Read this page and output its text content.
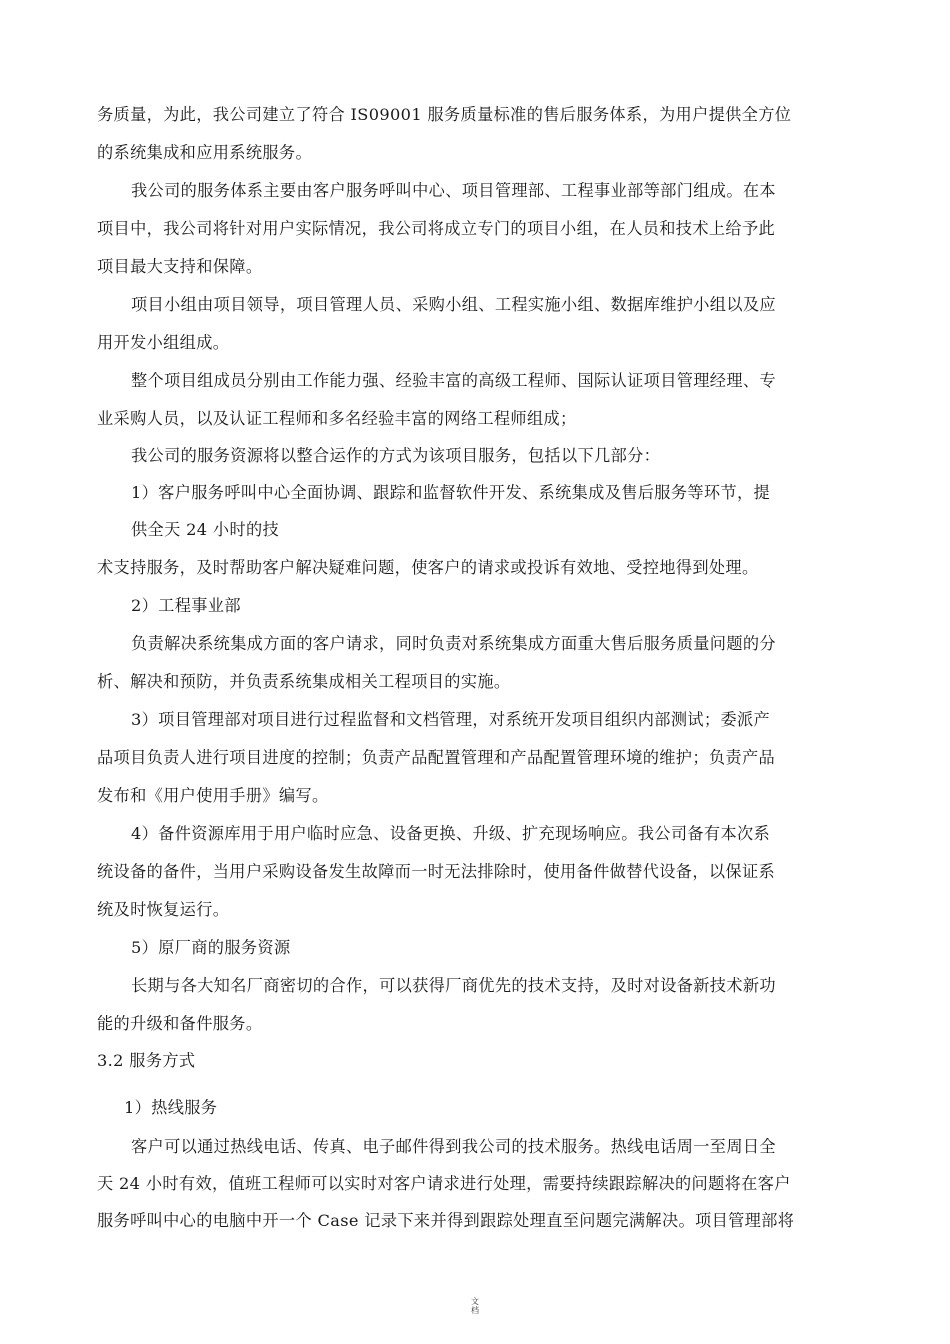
务质量，为此，我公司建立了符合 IS09001 服务质量标准的售后服务体系，为用户提供全方位
的系统集成和应用系统服务。
我公司的服务体系主要由客户服务呼叫中心、项目管理部、工程事业部等部门组成。在本
项目中，我公司将针对用户实际情况，我公司将成立专门的项目小组，在人员和技术上给予此
项目最大支持和保障。
项目小组由项目领导，项目管理人员、采购小组、工程实施小组、数据库维护小组以及应
用开发小组组成。
整个项目组成员分别由工作能力强、经验丰富的高级工程师、国际认证项目管理经理、专
业采购人员，以及认证工程师和多名经验丰富的网络工程师组成；
我公司的服务资源将以整合运作的方式为该项目服务，包括以下几部分：
1）客户服务呼叫中心全面协调、跟踪和监督软件开发、系统集成及售后服务等环节，提
供全天 24 小时的技
术支持服务，及时帮助客户解决疑难问题，使客户的请求或投诉有效地、受控地得到处理。
2）工程事业部
负责解决系统集成方面的客户请求，同时负责对系统集成方面重大售后服务质量问题的分
析、解决和预防，并负责系统集成相关工程项目的实施。
3）项目管理部对项目进行过程监督和文档管理，对系统开发项目组织内部测试；委派产
品项目负责人进行项目进度的控制；负责产品配置管理和产品配置管理环境的维护；负责产品
发布和《用户使用手册》编写。
4）备件资源库用于用户临时应急、设备更换、升级、扩充现场响应。我公司备有本次系
统设备的备件，当用户采购设备发生故障而一时无法排除时，使用备件做替代设备，以保证系
统及时恢复运行。
5）原厂商的服务资源
长期与各大知名厂商密切的合作，可以获得厂商优先的技术支持，及时对设备新技术新功
能的升级和备件服务。
3.2 服务方式
1）热线服务
客户可以通过热线电话、传真、电子邮件得到我公司的技术服务。热线电话周一至周日全
天 24 小时有效，值班工程师可以实时对客户请求进行处理，需要持续跟踪解决的问题将在客户
服务呼叫中心的电脑中开一个 Case 记录下来并得到跟踪处理直至问题完满解决。项目管理部将
文
档
